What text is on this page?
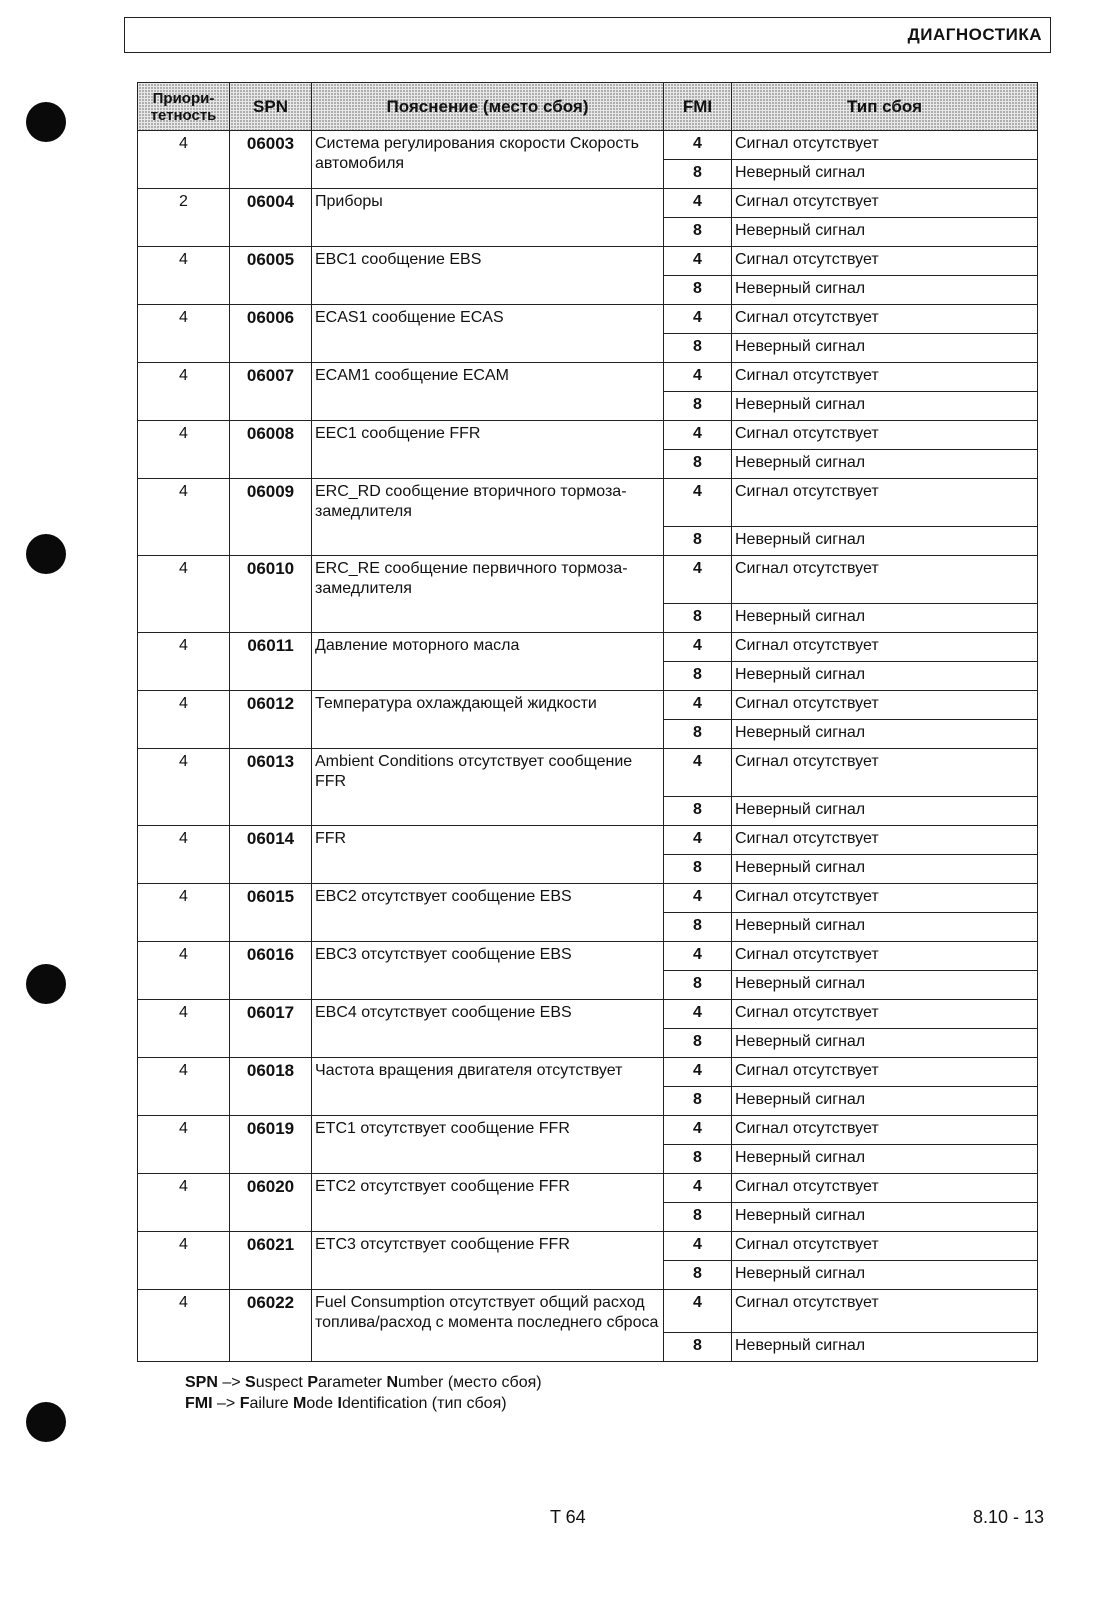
ДИАГНОСТИКА
Приори-
тетность	SPN	Пояснение (место сбоя)	FMI	Тип сбоя
4	06003	Система регулирования скорости Скорость автомобиля	4	Сигнал отсутствует
			8	Неверный сигнал
2	06004	Приборы	4	Сигнал отсутствует
			8	Неверный сигнал
4	06005	EBC1 сообщение EBS	4	Сигнал отсутствует
			8	Неверный сигнал
4	06006	ECAS1 сообщение ECAS	4	Сигнал отсутствует
			8	Неверный сигнал
4	06007	ECAM1 сообщение ECAM	4	Сигнал отсутствует
			8	Неверный сигнал
4	06008	EEC1 сообщение FFR	4	Сигнал отсутствует
			8	Неверный сигнал
4	06009	ERC_RD сообщение вторичного тормоза-замедлителя	4	Сигнал отсутствует
			8	Неверный сигнал
4	06010	ERC_RE сообщение первичного тормоза-замедлителя	4	Сигнал отсутствует
			8	Неверный сигнал
4	06011	Давление моторного масла	4	Сигнал отсутствует
			8	Неверный сигнал
4	06012	Температура охлаждающей жидкости	4	Сигнал отсутствует
			8	Неверный сигнал
4	06013	Ambient Conditions отсутствует сообщение FFR	4	Сигнал отсутствует
			8	Неверный сигнал
4	06014	FFR	4	Сигнал отсутствует
			8	Неверный сигнал
4	06015	EBC2 отсутствует сообщение EBS	4	Сигнал отсутствует
			8	Неверный сигнал
4	06016	EBC3 отсутствует сообщение EBS	4	Сигнал отсутствует
			8	Неверный сигнал
4	06017	EBC4 отсутствует сообщение EBS	4	Сигнал отсутствует
			8	Неверный сигнал
4	06018	Частота вращения двигателя отсутствует	4	Сигнал отсутствует
			8	Неверный сигнал
4	06019	ETC1 отсутствует сообщение FFR	4	Сигнал отсутствует
			8	Неверный сигнал
4	06020	ETC2 отсутствует сообщение FFR	4	Сигнал отсутствует
			8	Неверный сигнал
4	06021	ETC3 отсутствует сообщение FFR	4	Сигнал отсутствует
			8	Неверный сигнал
4	06022	Fuel Consumption отсутствует общий расход топлива/расход с момента последнего сброса	4	Сигнал отсутствует
			8	Неверный сигнал
SPN –> Suspect Parameter Number (место сбоя)
FMI –> Failure Mode Identification (тип сбоя)
T 64	8.10 - 13
